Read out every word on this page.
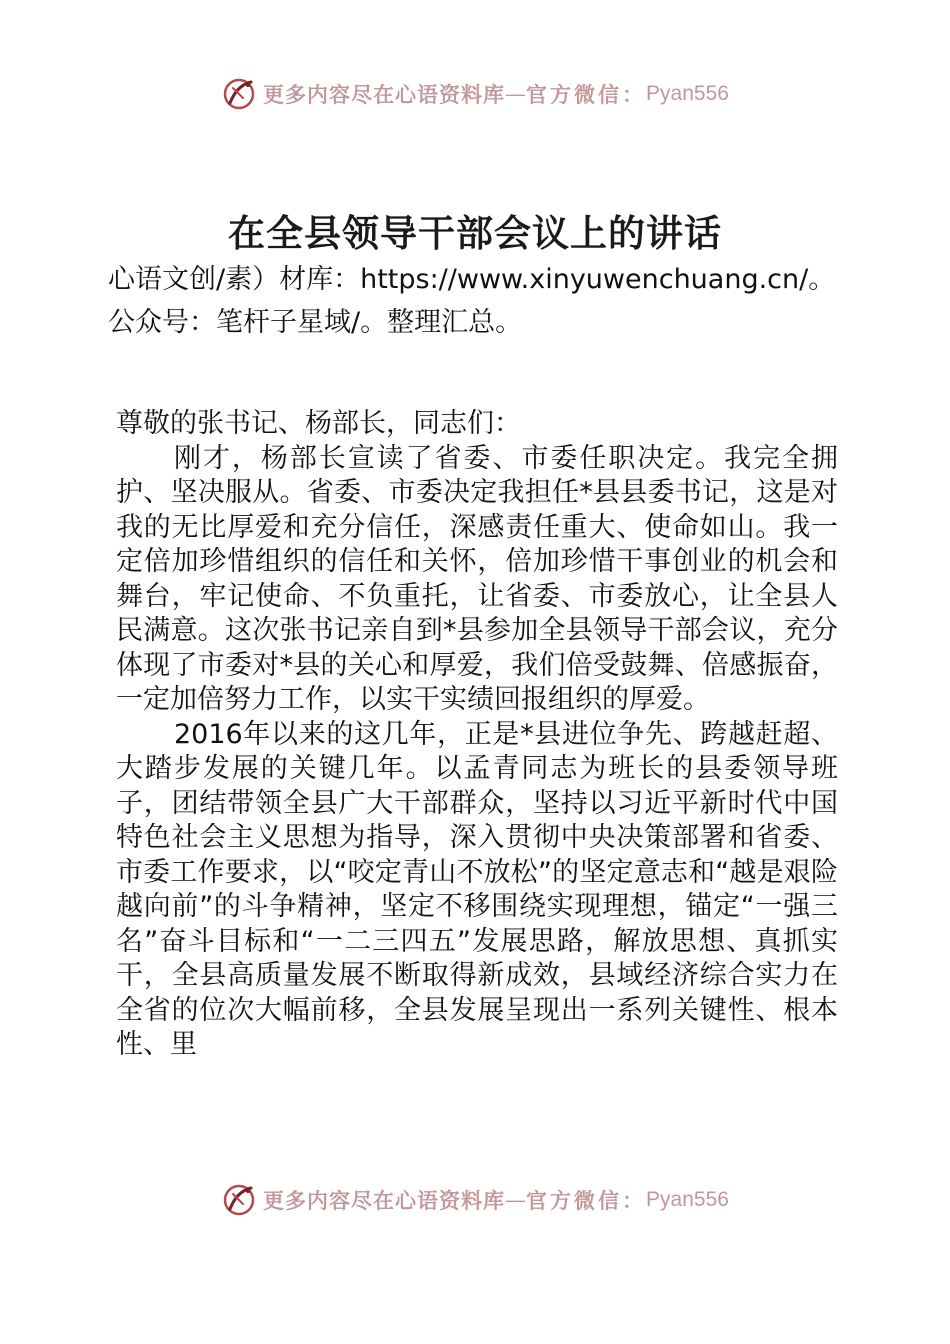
更多内容尽在心语资料库 — 官方微信： Pyan556
在全县领导干部会议上的讲话

心语文创/素）材库：https://www.xinyuwenchuang.cn/。公众号：笔杆子星域/。整理汇总。

尊敬的张书记、杨部长，同志们：

刚才，杨部长宣读了省委、市委任职决定。我完全拥护、坚决服从。省委、市委决定我担任*县县委书记，这是对我的无比厚爱和充分信任，深感责任重大、使命如山。我一定倍加珍惜组织的信任和关怀，倍加珍惜干事创业的机会和舞台，牢记使命、不负重托，让省委、市委放心，让全县人民满意。这次张书记亲自到*县参加全县领导干部会议，充分体现了市委对*县的关心和厚爱，我们倍受鼓舞、倍感振奋，一定加倍努力工作，以实干实绩回报组织的厚爱。

2016年以来的这几年，正是*县进位争先、跨越赶超、大踏步发展的关键几年。以孟青同志为班长的县委领导班子，团结带领全县广大干部群众，坚持以习近平新时代中国特色社会主义思想为指导，深入贯彻中央决策部署和省委、市委工作要求，以“咬定青山不放松”的坚定意志和“越是艰险越向前”的斗争精神，坚定不移围绕实现理想，锚定“一强三名”奋斗目标和“一二三四五”发展思路，解放思想、真抓实干，全县高质量发展不断取得新成效，县域经济综合实力在全省的位次大幅前移，全县发展呈现出一系列关键性、根本性、里

更多内容尽在心语资料库 — 官方微信： Pyan556
